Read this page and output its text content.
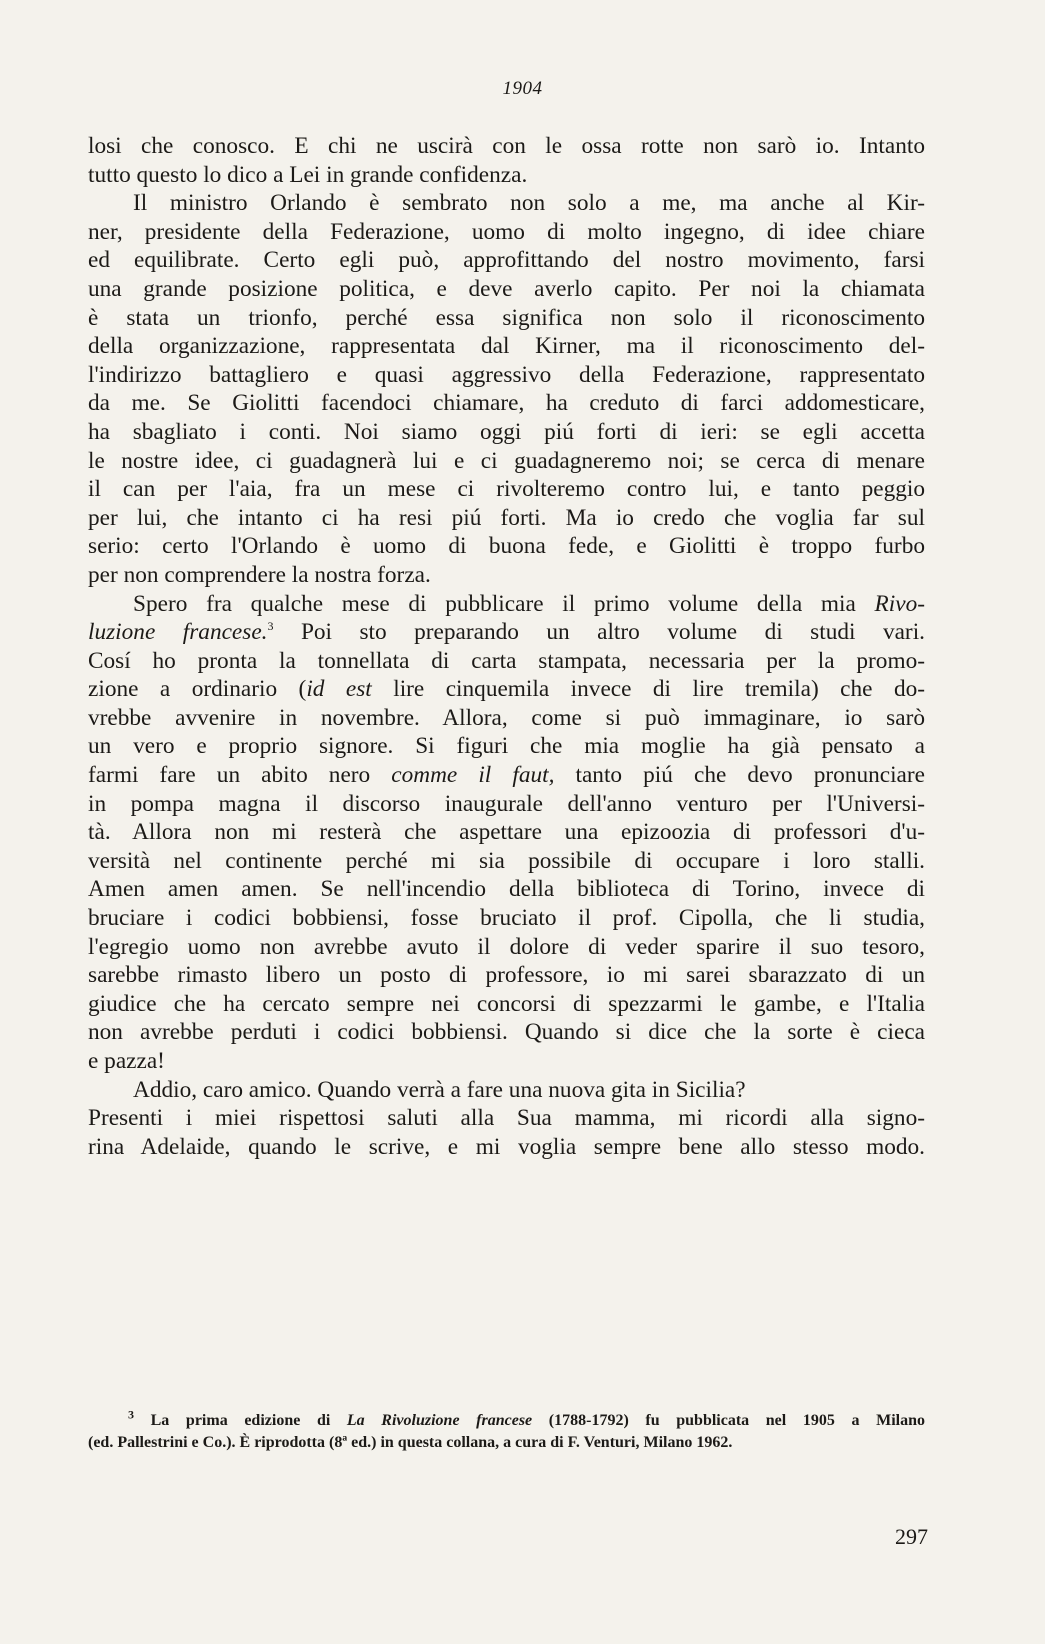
1904

losi che conosco. E chi ne uscirà con le ossa rotte non sarò io. Intanto

tutto questo lo dico a Lei in grande confidenza.

Il ministro Orlando è sembrato non solo a me, ma anche al Kir-

ner, presidente della Federazione, uomo di molto ingegno, di idee chiare

ed equilibrate. Certo egli può, approfittando del nostro movimento, farsi

una grande posizione politica, e deve averlo capito. Per noi la chiamata

è stata un trionfo, perché essa significa non solo il riconoscimento

della organizzazione, rappresentata dal Kirner, ma il riconoscimento del-

l'indirizzo battagliero e quasi aggressivo della Federazione, rappresentato

da me. Se Giolitti facendoci chiamare, ha creduto di farci addomesticare,

ha sbagliato i conti. Noi siamo oggi piú forti di ieri: se egli accetta

le nostre idee, ci guadagnerà lui e ci guadagneremo noi; se cerca di menare

il can per l'aia, fra un mese ci rivolteremo contro lui, e tanto peggio

per lui, che intanto ci ha resi piú forti. Ma io credo che voglia far sul

serio: certo l'Orlando è uomo di buona fede, e Giolitti è troppo furbo

per non comprendere la nostra forza.

Spero fra qualche mese di pubblicare il primo volume della mia Rivo-

luzione francese.$^3$ Poi sto preparando un altro volume di studi vari.

Cosí ho pronta la tonnellata di carta stampata, necessaria per la promo-

zione a ordinario (id est lire cinquemila invece di lire tremila) che do-

vrebbe avvenire in novembre. Allora, come si può immaginare, io sarò

un vero e proprio signore. Si figuri che mia moglie ha già pensato a

farmi fare un abito nero comme il faut, tanto piú che devo pronunciare

in pompa magna il discorso inaugurale dell'anno venturo per l'Universi-

tà. Allora non mi resterà che aspettare una epizoozia di professori d'u-

versità nel continente perché mi sia possibile di occupare i loro stalli.

Amen amen amen. Se nell'incendio della biblioteca di Torino, invece di

bruciare i codici bobbiensi, fosse bruciato il prof. Cipolla, che li studia,

l'egregio uomo non avrebbe avuto il dolore di veder sparire il suo tesoro,

sarebbe rimasto libero un posto di professore, io mi sarei sbarazzato di un

giudice che ha cercato sempre nei concorsi di spezzarmi le gambe, e l'Italia

non avrebbe perduti i codici bobbiensi. Quando si dice che la sorte è cieca

e pazza!

Addio, caro amico. Quando verrà a fare una nuova gita in Sicilia?

Presenti i miei rispettosi saluti alla Sua mamma, mi ricordi alla signo-

rina Adelaide, quando le scrive, e mi voglia sempre bene allo stesso modo.

$^3$ La prima edizione di La Rivoluzione francese (1788-1792) fu pubblicata nel 1905 a Milano

(ed. Pallestrini e Co.). È riprodotta (8ª ed.) in questa collana, a cura di F. Venturi, Milano 1962.

297
